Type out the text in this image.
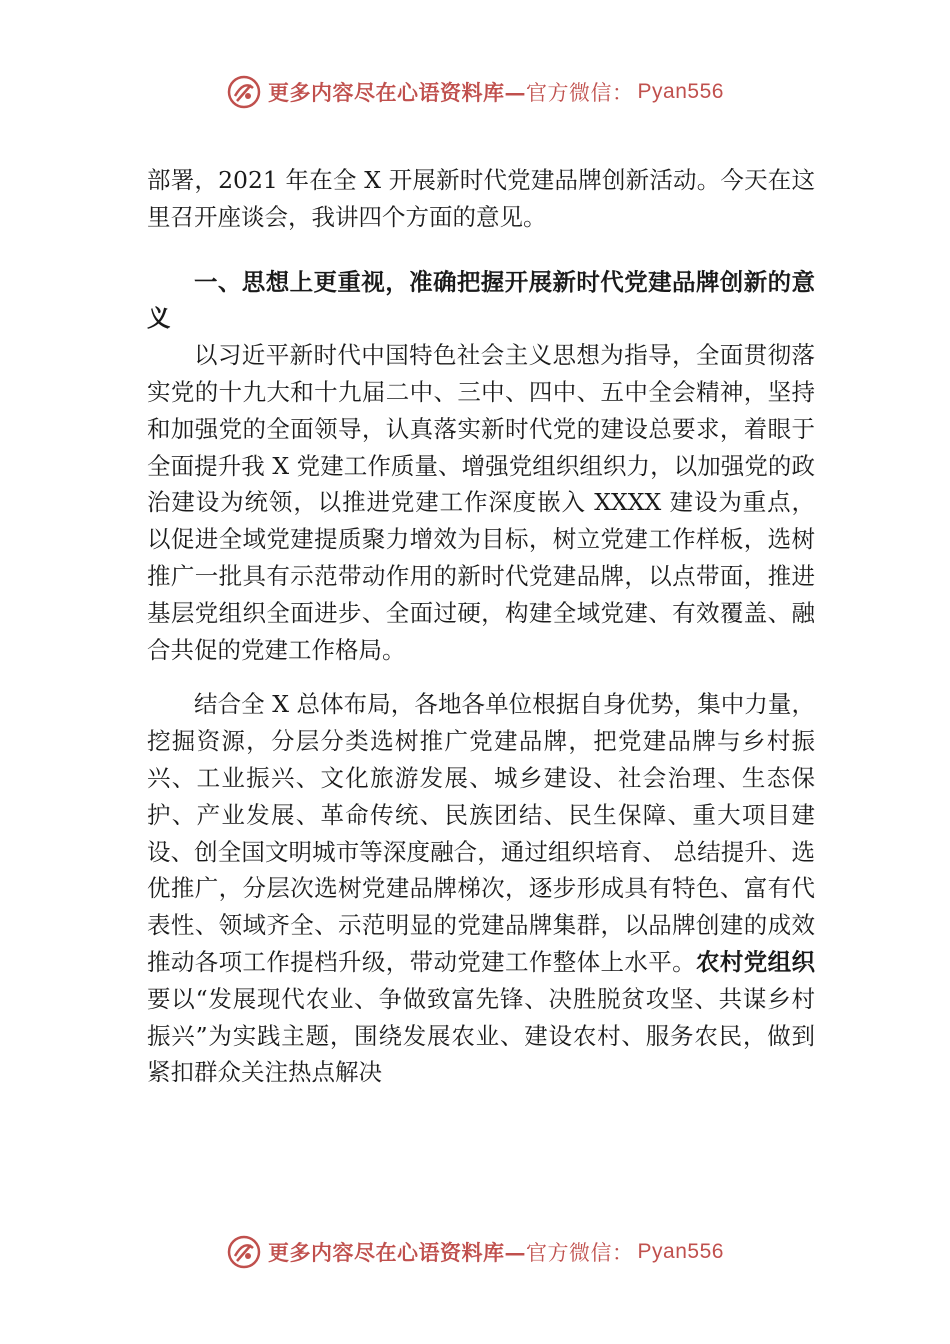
更多内容尽在心语资料库 — 官方微信： Pyan556

部署，2021 年在全 X 开展新时代党建品牌创新活动。今天在这里召开座谈会，我讲四个方面的意见。

一、思想上更重视，准确把握开展新时代党建品牌创新的意义

以习近平新时代中国特色社会主义思想为指导，全面贯彻落实党的十九大和十九届二中、三中、四中、五中全会精神，坚持和加强党的全面领导，认真落实新时代党的建设总要求，着眼于全面提升我 X 党建工作质量、增强党组织组织力，以加强党的政治建设为统领，以推进党建工作深度嵌入 XXXX 建设为重点，以促进全域党建提质聚力增效为目标，树立党建工作样板，选树推广一批具有示范带动作用的新时代党建品牌，以点带面，推进基层党组织全面进步、全面过硬，构建全域党建、有效覆盖、融合共促的党建工作格局。

结合全 X 总体布局，各地各单位根据自身优势，集中力量，挖掘资源，分层分类选树推广党建品牌，把党建品牌与乡村振兴、工业振兴、文化旅游发展、城乡建设、社会治理、生态保护、产业发展、革命传统、民族团结、民生保障、重大项目建设、创全国文明城市等深度融合，通过组织培育、 总结提升、选优推广，分层次选树党建品牌梯次，逐步形成具有特色、富有代表性、领域齐全、示范明显的党建品牌集群，以品牌创建的成效推动各项工作提档升级，带动党建工作整体上水平。农村党组织要以“发展现代农业、争做致富先锋、决胜脱贫攻坚、共谋乡村振兴”为实践主题，围绕发展农业、建设农村、服务农民，做到紧扣群众关注热点解决

更多内容尽在心语资料库 — 官方微信： Pyan556
